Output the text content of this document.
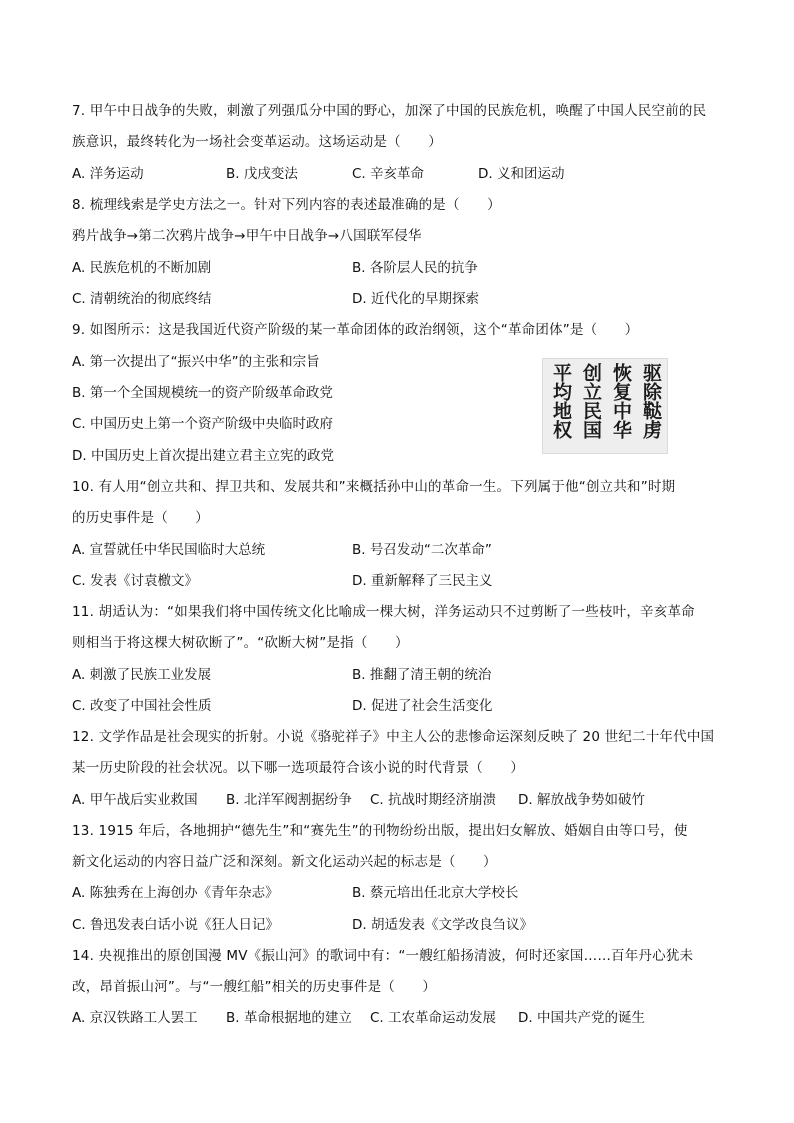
7. 甲午中日战争的失败，刺激了列强瓜分中国的野心，加深了中国的民族危机，唤醒了中国人民空前的民
族意识，最终转化为一场社会变革运动。这场运动是（　　）
A. 洋务运动	B. 戊戌变法	C. 辛亥革命	D. 义和团运动
8. 梳理线索是学史方法之一。针对下列内容的表述最准确的是（　　）
鸦片战争→第二次鸦片战争→甲午中日战争→八国联军侵华
A. 民族危机的不断加剧	B. 各阶层人民的抗争
C. 清朝统治的彻底终结	D. 近代化的早期探索
9. 如图所示：这是我国近代资产阶级的某一革命团体的政治纲领，这个“革命团体”是（　　）
A. 第一次提出了“振兴中华”的主张和宗旨
B. 第一个全国规模统一的资产阶级革命政党
C. 中国历史上第一个资产阶级中央临时政府
D. 中国历史上首次提出建立君主立宪的政党
驱除鞑虏
恢复中华
创立民国
平均地权
10. 有人用“创立共和、捍卫共和、发展共和”来概括孙中山的革命一生。下列属于他“创立共和”时期
的历史事件是（　　）
A. 宣誓就任中华民国临时大总统	B. 号召发动“二次革命”
C. 发表《讨袁檄文》	D. 重新解释了三民主义
11. 胡适认为：“如果我们将中国传统文化比喻成一棵大树，洋务运动只不过剪断了一些枝叶，辛亥革命
则相当于将这棵大树砍断了”。“砍断大树”是指（　　）
A. 刺激了民族工业发展	B. 推翻了清王朝的统治
C. 改变了中国社会性质	D. 促进了社会生活变化
12. 文学作品是社会现实的折射。小说《骆驼祥子》中主人公的悲惨命运深刻反映了 20 世纪二十年代中国
某一历史阶段的社会状况。以下哪一选项最符合该小说的时代背景（　　）
A. 甲午战后实业救国 B. 北洋军阀割据纷争 C. 抗战时期经济崩溃 D. 解放战争势如破竹
13. 1915 年后，各地拥护“德先生”和“赛先生”的刊物纷纷出版，提出妇女解放、婚姻自由等口号，使
新文化运动的内容日益广泛和深刻。新文化运动兴起的标志是（　　）
A. 陈独秀在上海创办《青年杂志》	B. 蔡元培出任北京大学校长
C. 鲁迅发表白话小说《狂人日记》	D. 胡适发表《文学改良刍议》
14. 央视推出的原创国漫 MV《振山河》的歌词中有：“一艘红船扬清波，何时还家国……百年丹心犹未
改，昂首振山河”。与“一艘红船”相关的历史事件是（　　）
A. 京汉铁路工人罢工 B. 革命根据地的建立 C. 工农革命运动发展 D. 中国共产党的诞生
